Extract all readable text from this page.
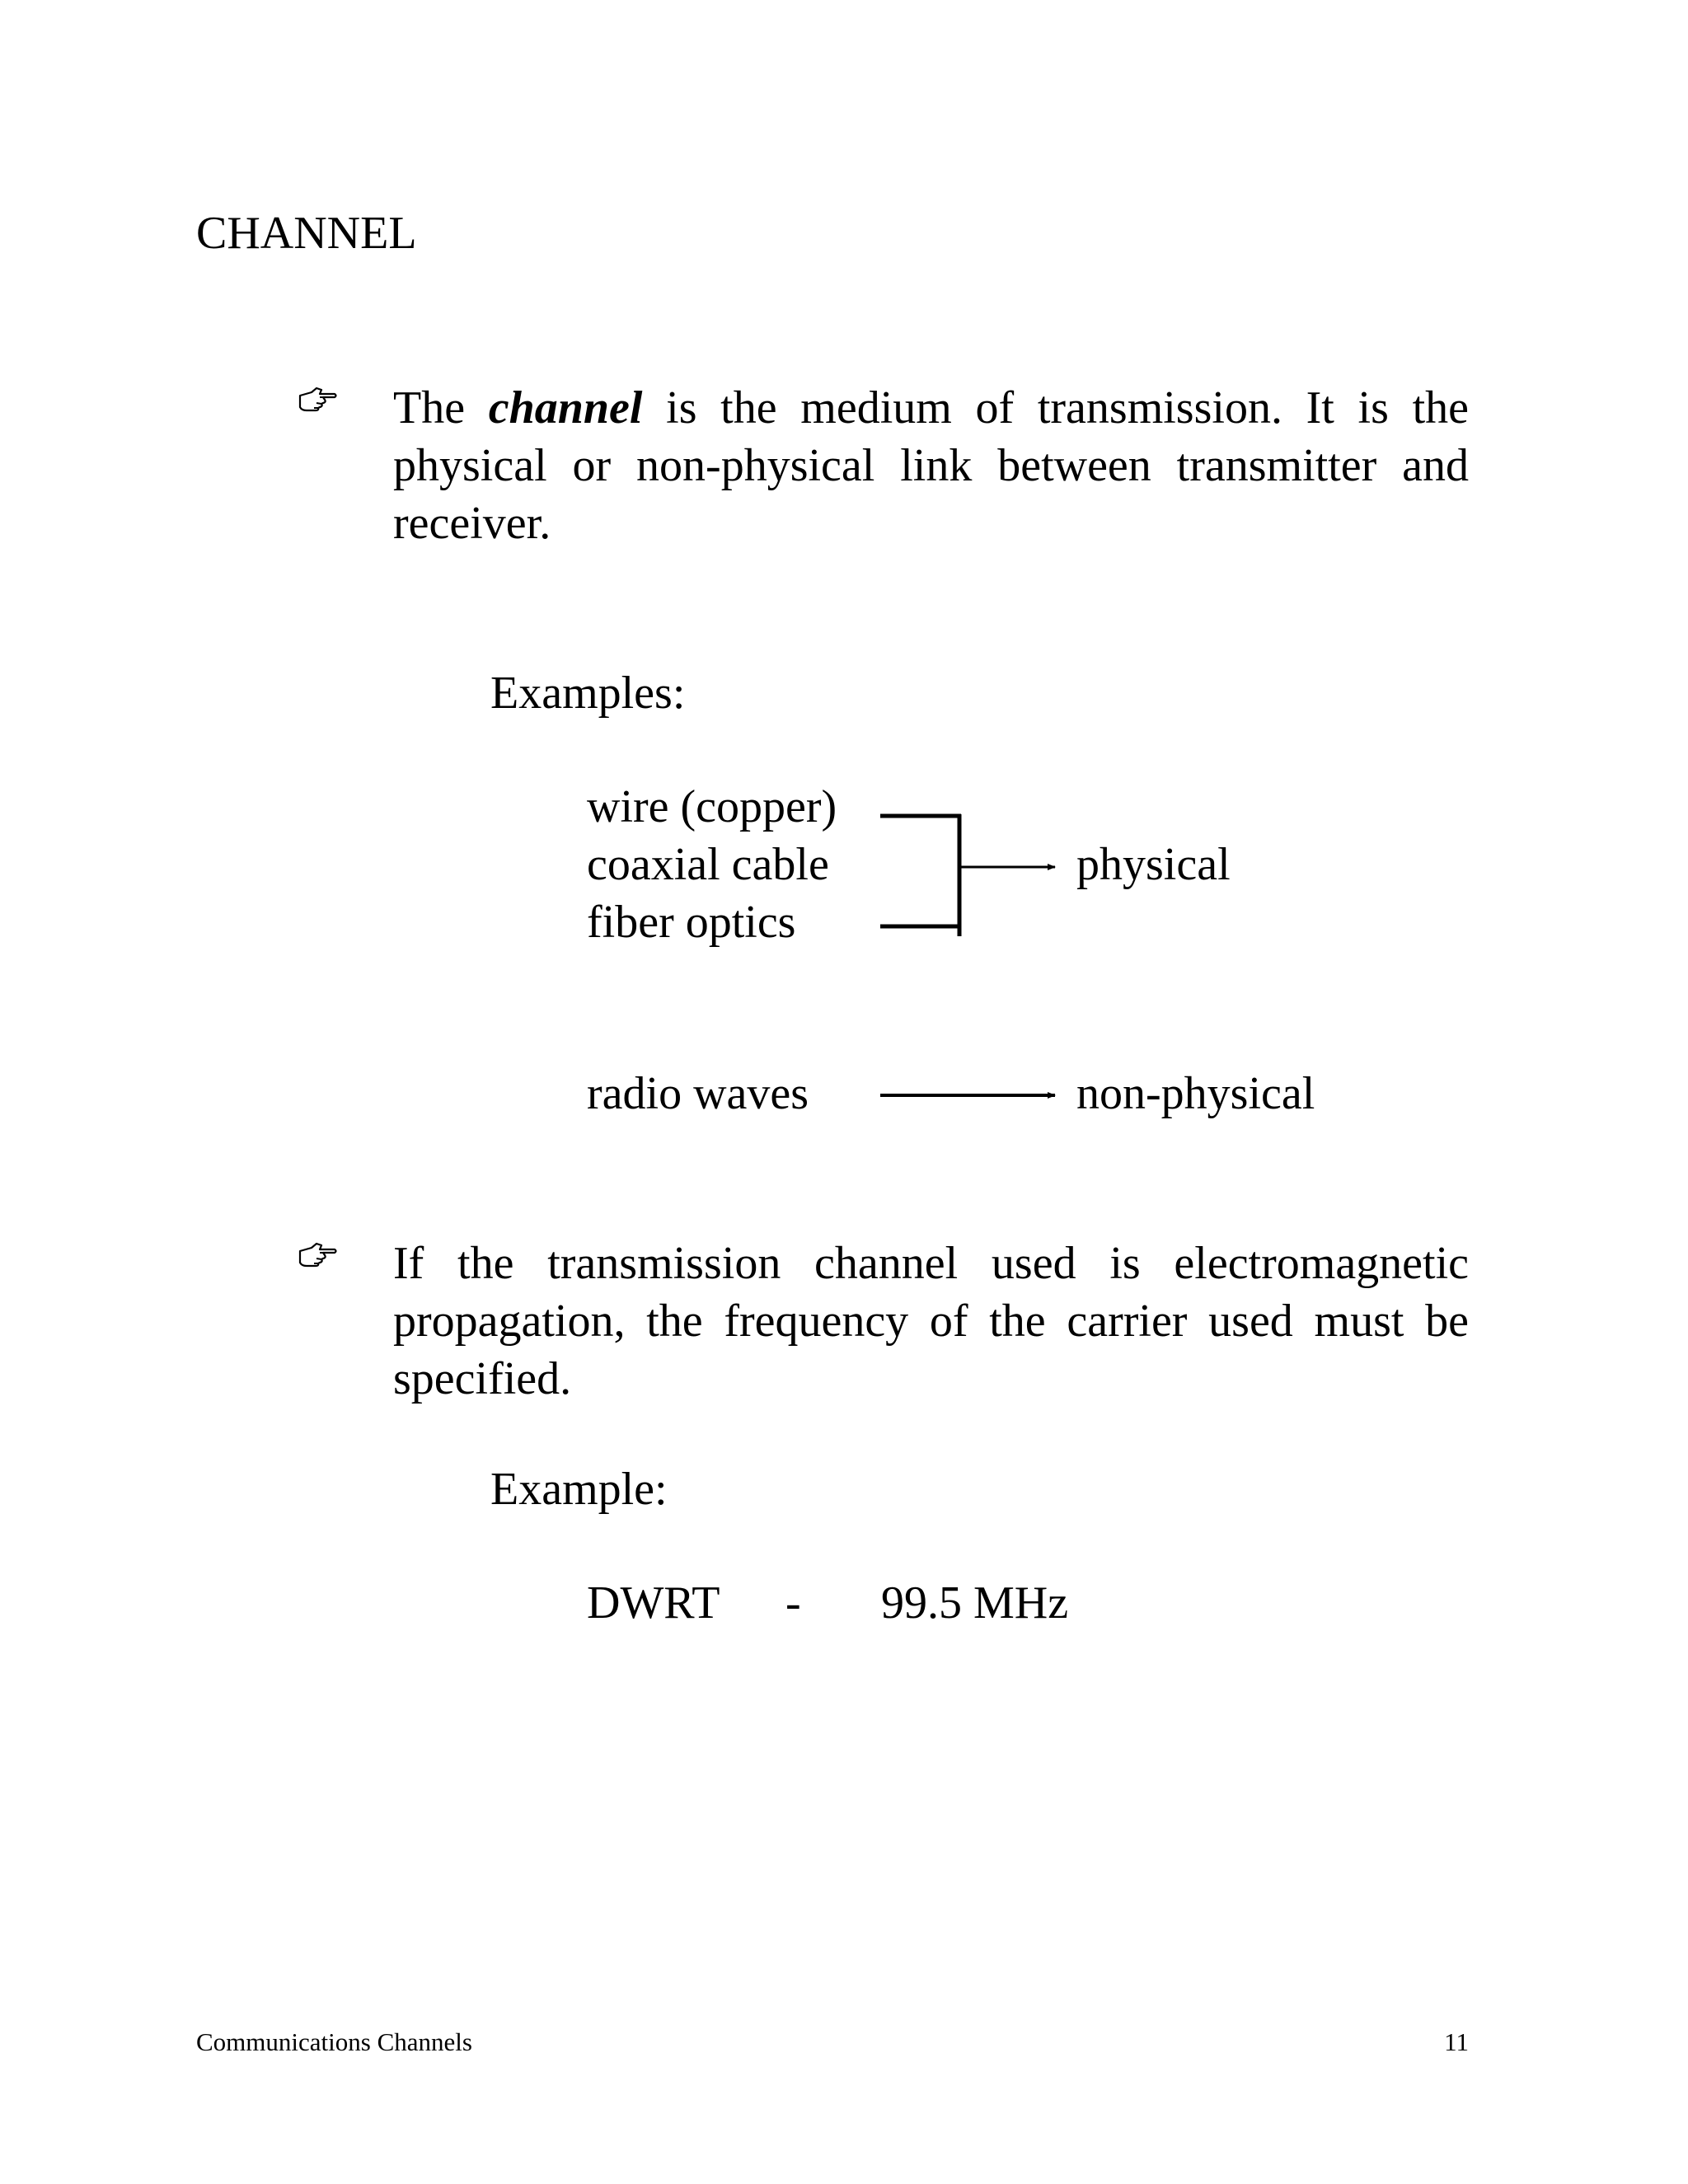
CHANNEL
The channel is the medium of transmission. It is the physical or non-physical link between transmitter and receiver.
Examples:
wire (copper)
coaxial cable
fiber optics
physical
radio waves	non-physical
If the transmission channel used is electromagnetic propagation, the frequency of the carrier used must be specified.
Example:
DWRT - 99.5 MHz
Communications Channels	11
